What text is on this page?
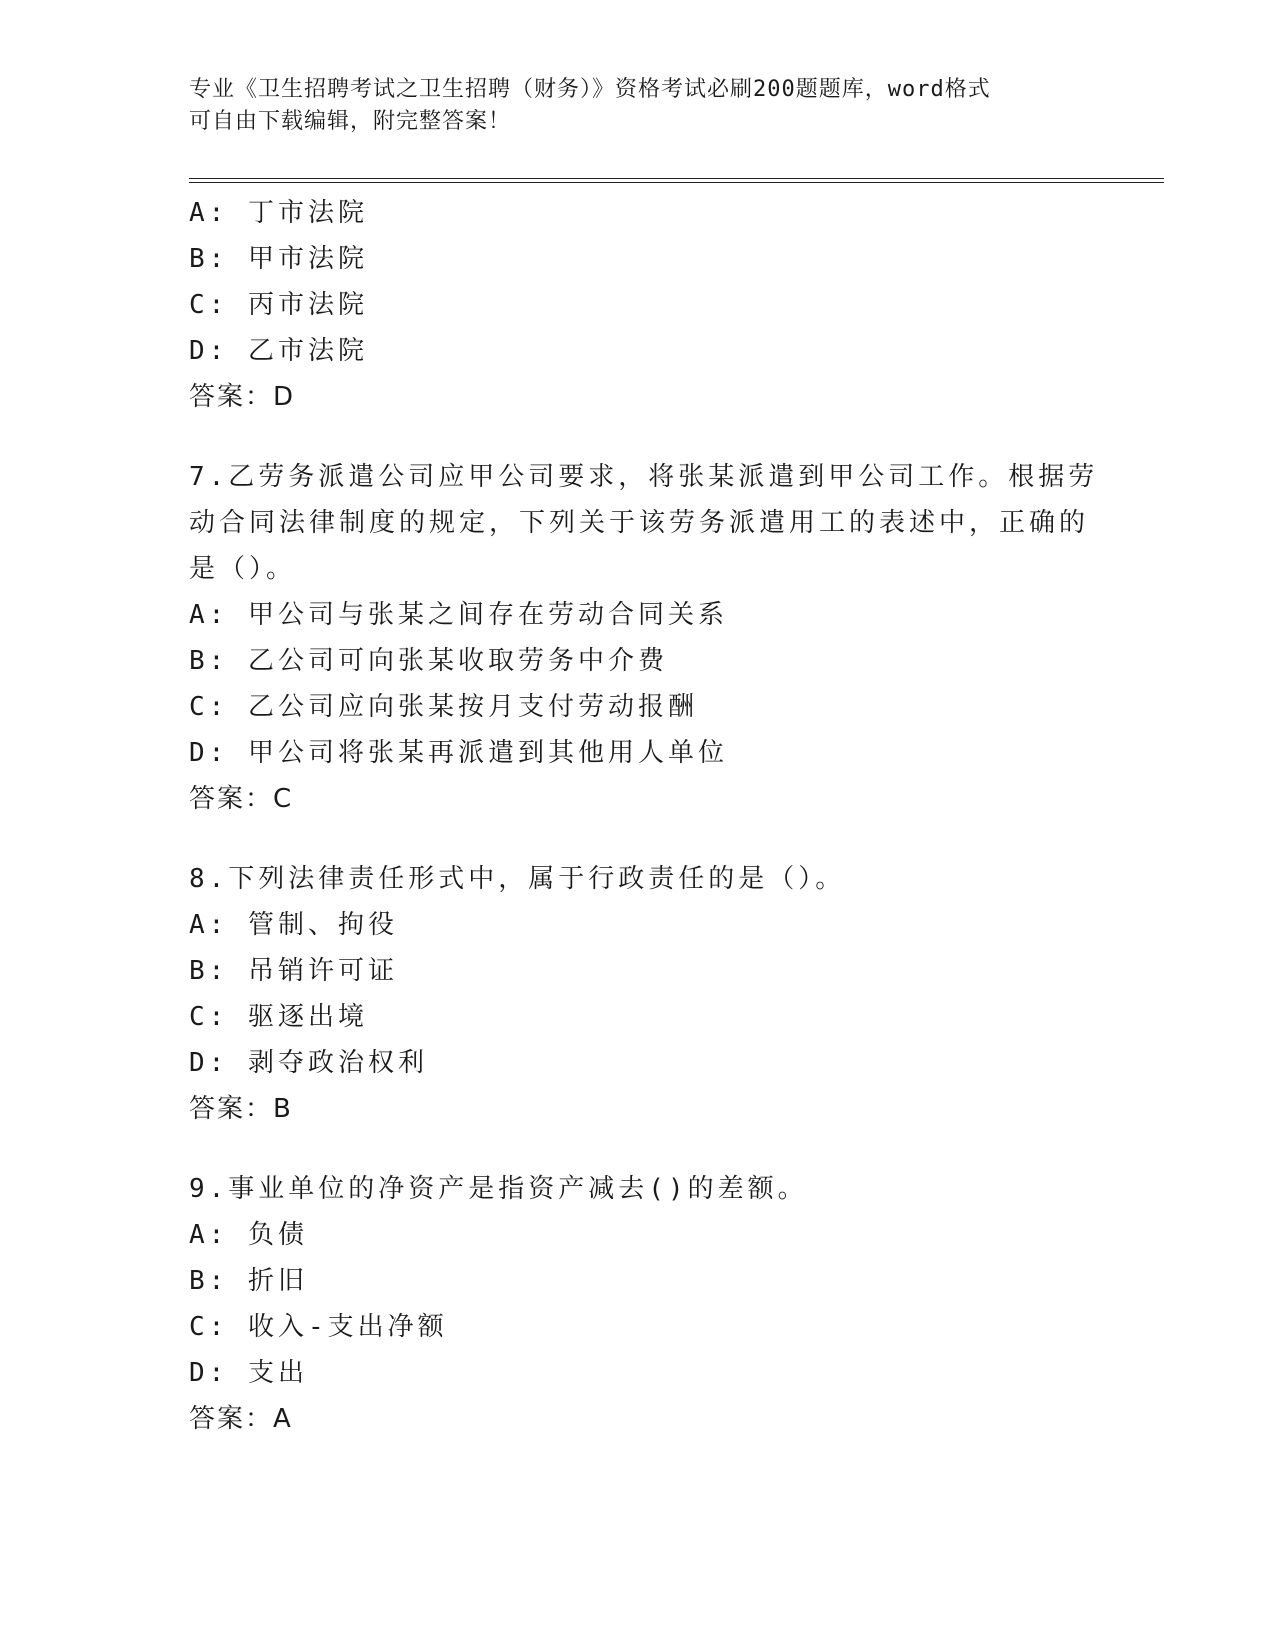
专业《卫生招聘考试之卫生招聘（财务）》资格考试必刷200题题库，word格式
可自由下载编辑，附完整答案！
A: 丁市法院
B: 甲市法院
C: 丙市法院
D: 乙市法院
答案：D
7.乙劳务派遣公司应甲公司要求，将张某派遣到甲公司工作。根据劳
动合同法律制度的规定，下列关于该劳务派遣用工的表述中，正确的
是（）。
A: 甲公司与张某之间存在劳动合同关系
B: 乙公司可向张某收取劳务中介费
C: 乙公司应向张某按月支付劳动报酬
D: 甲公司将张某再派遣到其他用人单位
答案：C
8.下列法律责任形式中，属于行政责任的是（）。
A: 管制、拘役
B: 吊销许可证
C: 驱逐出境
D: 剥夺政治权利
答案：B
9.事业单位的净资产是指资产减去()的差额。
A: 负债
B: 折旧
C: 收入-支出净额
D: 支出
答案：A
